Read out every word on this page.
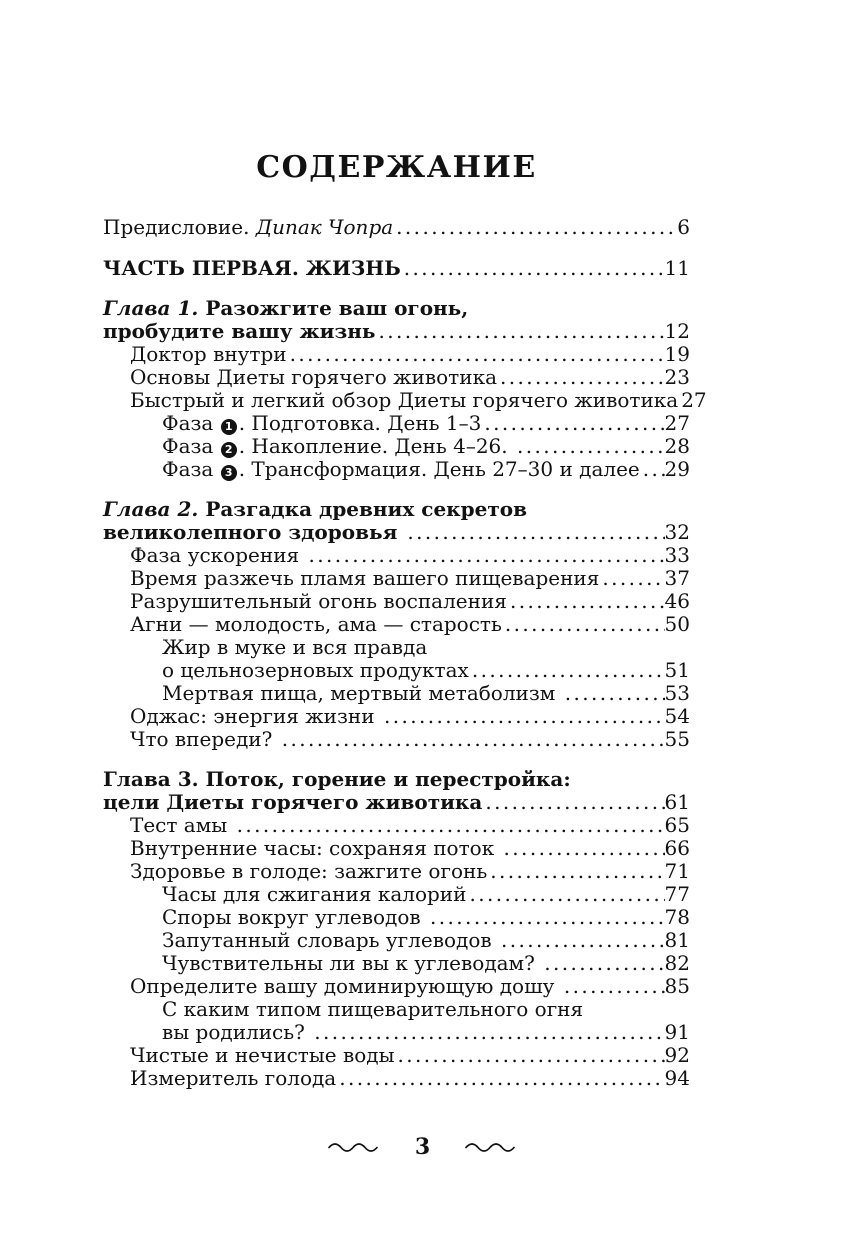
СОДЕРЖАНИЕ
Предисловие. Дипак Чопра .....	6
ЧАСТЬ ПЕРВАЯ. ЖИЗНЬ .....	11
Глава 1. Разожгите ваш огонь,
пробудите вашу жизнь .....	12
Доктор внутри .....	19
Основы Диеты горячего животика .....	23
Быстрый и легкий обзор Диеты горячего животика ..... 27
Фаза 1 . Подготовка. День 1–3 .....	27
Фаза 2 . Накопление. День 4–26. .....	28
Фаза 3 . Трансформация. День 27–30 и далее ..... 29
Глава 2. Разгадка древних секретов
великолепного здоровья .....	32
Фаза ускорения .....	33
Время разжечь пламя вашего пищеварения .....	37
Разрушительный огонь воспаления .....	46
Агни — молодость, ама — старость .....	50
Жир в муке и вся правда
о цельнозерновых продуктах .....	51
Мертвая пища, мертвый метаболизм .....	53
Оджас: энергия жизни .....	54
Что впереди? .....	55
Глава 3. Поток, горение и перестройка:
цели Диеты горячего животика .....	61
Тест амы .....	65
Внутренние часы: сохраняя поток .....	66
Здоровье в голоде: зажгите огонь .....	71
Часы для сжигания калорий .....	77
Споры вокруг углеводов .....	78
Запутанный словарь углеводов .....	81
Чувствительны ли вы к углеводам? .....	82
Определите вашу доминирующую дошу .....	85
С каким типом пищеварительного огня
вы родились? .....	91
Чистые и нечистые воды .....	92
Измеритель голода .....	94
3
